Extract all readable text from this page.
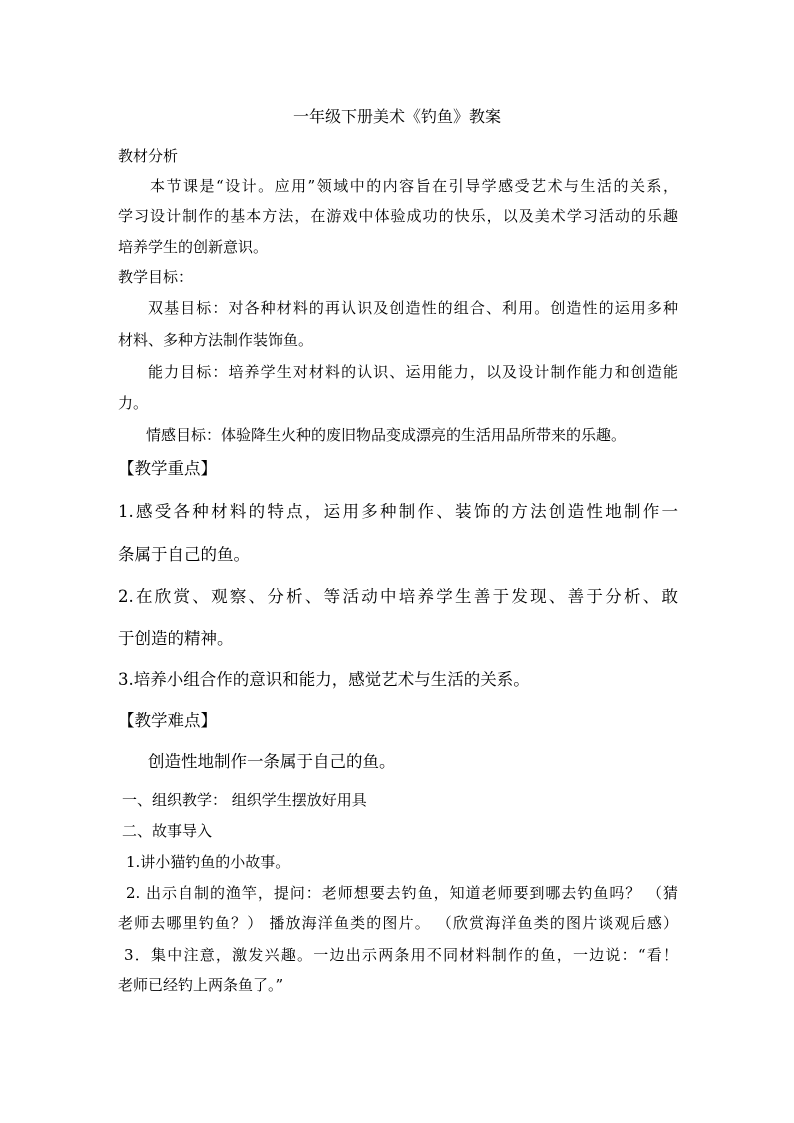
一年级下册美术《钓鱼》教案
教材分析
本节课是“设计。应用”领域中的内容旨在引导学感受艺术与生活的关系，
学习设计制作的基本方法，在游戏中体验成功的快乐，以及美术学习活动的乐趣
培养学生的创新意识。
教学目标：
双基目标：对各种材料的再认识及创造性的组合、利用。创造性的运用多种
材料、多种方法制作装饰鱼。
能力目标：培养学生对材料的认识、运用能力，以及设计制作能力和创造能
力。
情感目标：体验降生火种的废旧物品变成漂亮的生活用品所带来的乐趣。
【教学重点】
1.感受各种材料的特点，运用多种制作、装饰的方法创造性地制作一
条属于自己的鱼。
2.在欣赏、观察、分析、等活动中培养学生善于发现、善于分析、敢
于创造的精神。
3.培养小组合作的意识和能力，感觉艺术与生活的关系。
【教学难点】
创造性地制作一条属于自己的鱼。
一、组织教学： 组织学生摆放好用具
二、故事导入
1.讲小猫钓鱼的小故事。
2. 出示自制的渔竿，提问：老师想要去钓鱼，知道老师要到哪去钓鱼吗？ （猜
老师去哪里钓鱼？） 播放海洋鱼类的图片。 （欣赏海洋鱼类的图片谈观后感）
3．集中注意，激发兴趣。一边出示两条用不同材料制作的鱼，一边说：“看！
老师已经钓上两条鱼了。”
